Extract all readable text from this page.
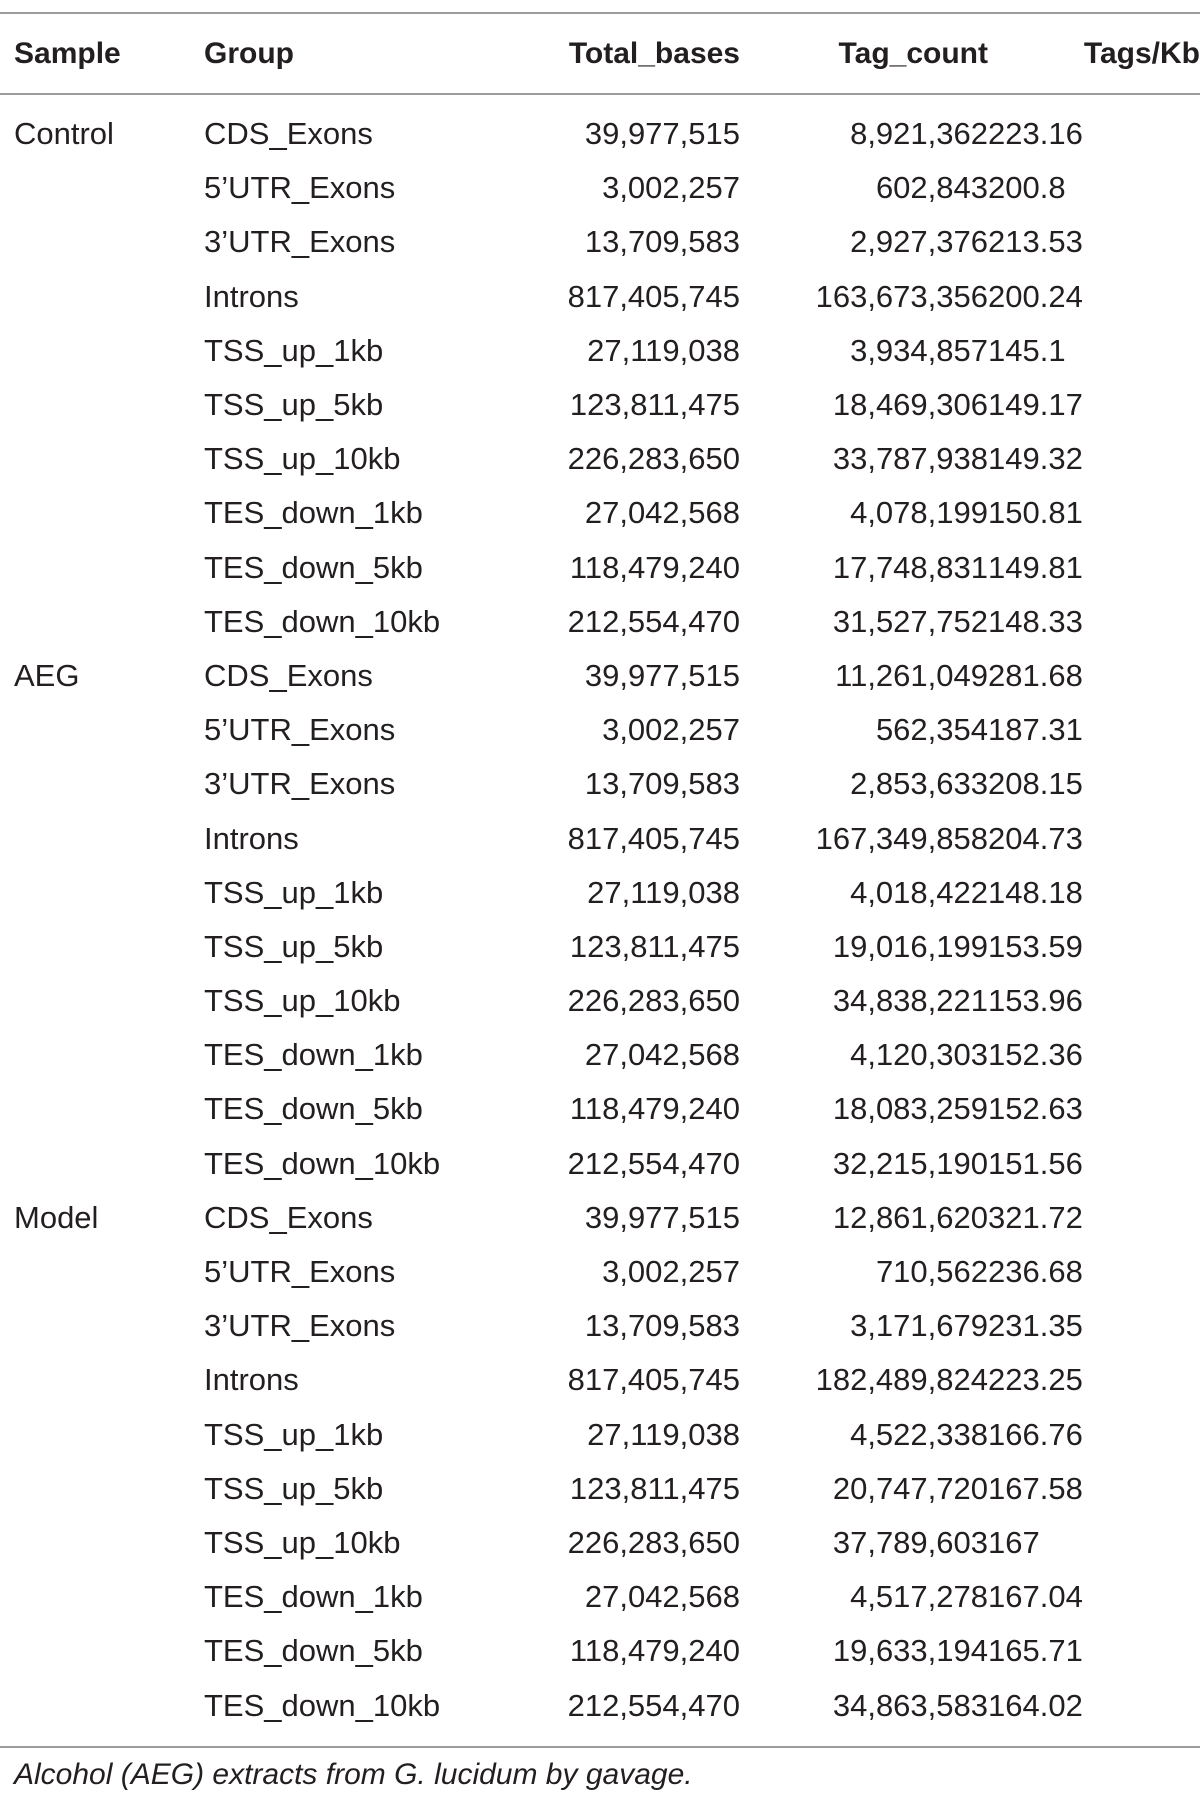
Sample	Group	Total_bases	Tag_count	Tags/Kb
Control	CDS_Exons	39,977,515	8,921,362	223.16
	5’UTR_Exons	3,002,257	602,843	200.8
	3’UTR_Exons	13,709,583	2,927,376	213.53
	Introns	817,405,745	163,673,356	200.24
	TSS_up_1kb	27,119,038	3,934,857	145.1
	TSS_up_5kb	123,811,475	18,469,306	149.17
	TSS_up_10kb	226,283,650	33,787,938	149.32
	TES_down_1kb	27,042,568	4,078,199	150.81
	TES_down_5kb	118,479,240	17,748,831	149.81
	TES_down_10kb	212,554,470	31,527,752	148.33
AEG	CDS_Exons	39,977,515	11,261,049	281.68
	5’UTR_Exons	3,002,257	562,354	187.31
	3’UTR_Exons	13,709,583	2,853,633	208.15
	Introns	817,405,745	167,349,858	204.73
	TSS_up_1kb	27,119,038	4,018,422	148.18
	TSS_up_5kb	123,811,475	19,016,199	153.59
	TSS_up_10kb	226,283,650	34,838,221	153.96
	TES_down_1kb	27,042,568	4,120,303	152.36
	TES_down_5kb	118,479,240	18,083,259	152.63
	TES_down_10kb	212,554,470	32,215,190	151.56
Model	CDS_Exons	39,977,515	12,861,620	321.72
	5’UTR_Exons	3,002,257	710,562	236.68
	3’UTR_Exons	13,709,583	3,171,679	231.35
	Introns	817,405,745	182,489,824	223.25
	TSS_up_1kb	27,119,038	4,522,338	166.76
	TSS_up_5kb	123,811,475	20,747,720	167.58
	TSS_up_10kb	226,283,650	37,789,603	167
	TES_down_1kb	27,042,568	4,517,278	167.04
	TES_down_5kb	118,479,240	19,633,194	165.71
	TES_down_10kb	212,554,470	34,863,583	164.02
Alcohol (AEG) extracts from G. lucidum by gavage.
